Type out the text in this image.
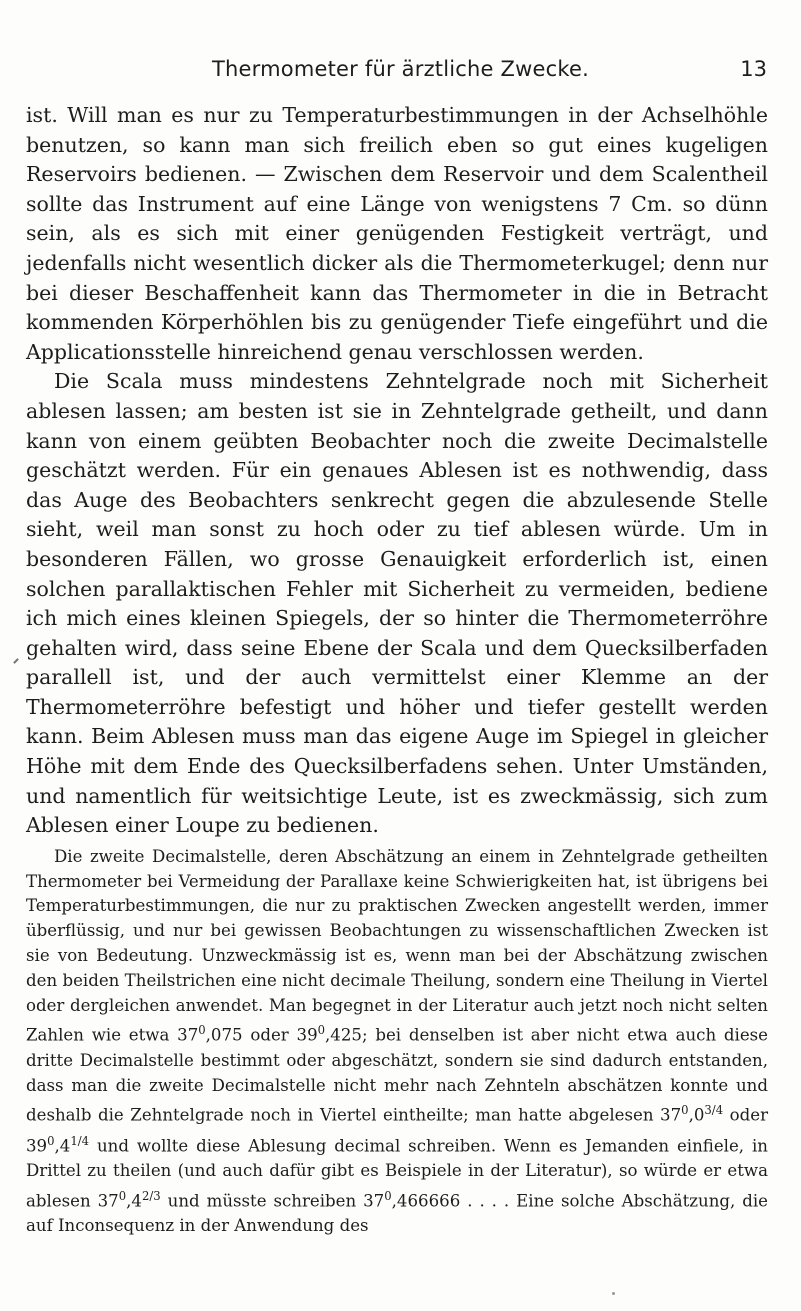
Thermometer für ärztliche Zwecke.	13

ist. Will man es nur zu Temperaturbestimmungen in der Achselhöhle benutzen, so kann man sich freilich eben so gut eines kugeligen Reservoirs bedienen. — Zwischen dem Reservoir und dem Scalentheil sollte das Instrument auf eine Länge von wenigstens 7 Cm. so dünn sein, als es sich mit einer genügenden Festigkeit verträgt, und jedenfalls nicht wesentlich dicker als die Thermometerkugel; denn nur bei dieser Beschaffenheit kann das Thermometer in die in Betracht kommenden Körperhöhlen bis zu genügender Tiefe eingeführt und die Applicationsstelle hinreichend genau verschlossen werden.

Die Scala muss mindestens Zehntelgrade noch mit Sicherheit ablesen lassen; am besten ist sie in Zehntelgrade getheilt, und dann kann von einem geübten Beobachter noch die zweite Decimalstelle geschätzt werden. Für ein genaues Ablesen ist es nothwendig, dass das Auge des Beobachters senkrecht gegen die abzulesende Stelle sieht, weil man sonst zu hoch oder zu tief ablesen würde. Um in besonderen Fällen, wo grosse Genauigkeit erforderlich ist, einen solchen parallaktischen Fehler mit Sicherheit zu vermeiden, bediene ich mich eines kleinen Spiegels, der so hinter die Thermometerröhre gehalten wird, dass seine Ebene der Scala und dem Quecksilberfaden parallell ist, und der auch vermittelst einer Klemme an der Thermometerröhre befestigt und höher und tiefer gestellt werden kann. Beim Ablesen muss man das eigene Auge im Spiegel in gleicher Höhe mit dem Ende des Quecksilberfadens sehen. Unter Umständen, und namentlich für weitsichtige Leute, ist es zweckmässig, sich zum Ablesen einer Loupe zu bedienen.

Die zweite Decimalstelle, deren Abschätzung an einem in Zehntelgrade getheilten Thermometer bei Vermeidung der Parallaxe keine Schwierigkeiten hat, ist übrigens bei Temperaturbestimmungen, die nur zu praktischen Zwecken angestellt werden, immer überflüssig, und nur bei gewissen Beobachtungen zu wissenschaftlichen Zwecken ist sie von Bedeutung. Unzweckmässig ist es, wenn man bei der Abschätzung zwischen den beiden Theilstrichen eine nicht decimale Theilung, sondern eine Theilung in Viertel oder dergleichen anwendet. Man begegnet in der Literatur auch jetzt noch nicht selten Zahlen wie etwa $37^0,075$ oder $39^0,425$; bei denselben ist aber nicht etwa auch diese dritte Decimalstelle bestimmt oder abgeschätzt, sondern sie sind dadurch entstanden, dass man die zweite Decimalstelle nicht mehr nach Zehnteln abschätzen konnte und deshalb die Zehntelgrade noch in Viertel eintheilte; man hatte abgelesen $37^0,0^{3/4}$ oder $39^0,4^{1/4}$ und wollte diese Ablesung decimal schreiben. Wenn es Jemanden einfiele, in Drittel zu theilen (und auch dafür gibt es Beispiele in der Literatur), so würde er etwa ablesen $37^0,4^{2/3}$ und müsste schreiben $37^0,466666$ . . . . Eine solche Abschätzung, die auf Inconsequenz in der Anwendung des
